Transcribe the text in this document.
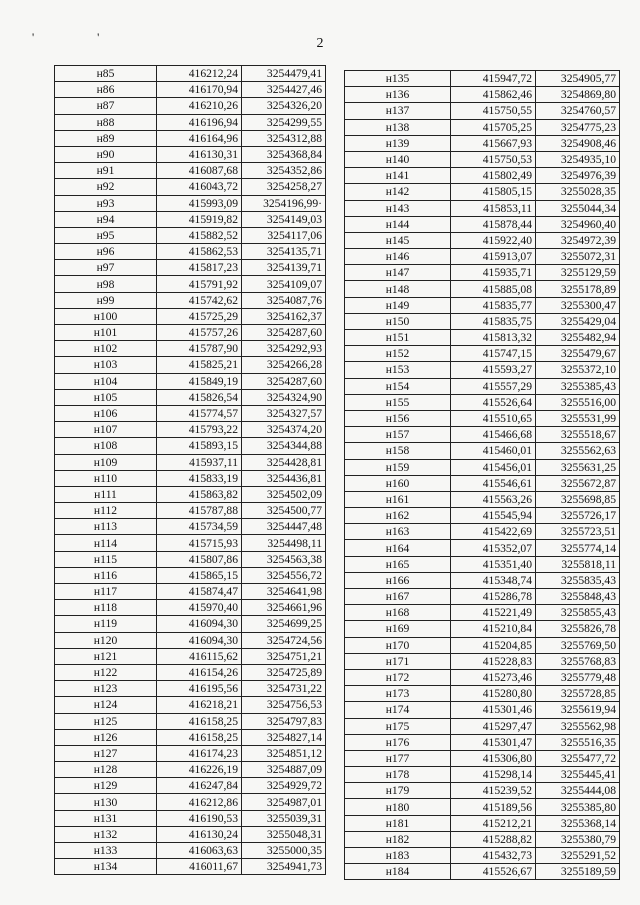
' '	2
н85	416212,24	3254479,41
н86	416170,94	3254427,46
н87	416210,26	3254326,20
н88	416196,94	3254299,55
н89	416164,96	3254312,88
н90	416130,31	3254368,84
н91	416087,68	3254352,86
н92	416043,72	3254258,27
н93	415993,09	3254196,99·
н94	415919,82	3254149,03
н95	415882,52	3254117,06
н96	415862,53	3254135,71
н97	415817,23	3254139,71
н98	415791,92	3254109,07
н99	415742,62	3254087,76
н100	415725,29	3254162,37
н101	415757,26	3254287,60
н102	415787,90	3254292,93
н103	415825,21	3254266,28
н104	415849,19	3254287,60
н105	415826,54	3254324,90
н106	415774,57	3254327,57
н107	415793,22	3254374,20
н108	415893,15	3254344,88
н109	415937,11	3254428,81
н110	415833,19	3254436,81
н111	415863,82	3254502,09
н112	415787,88	3254500,77
н113	415734,59	3254447,48
н114	415715,93	3254498,11
н115	415807,86	3254563,38
н116	415865,15	3254556,72
н117	415874,47	3254641,98
н118	415970,40	3254661,96
н119	416094,30	3254699,25
н120	416094,30	3254724,56
н121	416115,62	3254751,21
н122	416154,26	3254725,89
н123	416195,56	3254731,22
н124	416218,21	3254756,53
н125	416158,25	3254797,83
н126	416158,25	3254827,14
н127	416174,23	3254851,12
н128	416226,19	3254887,09
н129	416247,84	3254929,72
н130	416212,86	3254987,01
н131	416190,53	3255039,31
н132	416130,24	3255048,31
н133	416063,63	3255000,35
н134	416011,67	3254941,73
н135	415947,72	3254905,77
н136	415862,46	3254869,80
н137	415750,55	3254760,57
н138	415705,25	3254775,23
н139	415667,93	3254908,46
н140	415750,53	3254935,10
н141	415802,49	3254976,39
н142	415805,15	3255028,35
н143	415853,11	3255044,34
н144	415878,44	3254960,40
н145	415922,40	3254972,39
н146	415913,07	3255072,31
н147	415935,71	3255129,59
н148	415885,08	3255178,89
н149	415835,77	3255300,47
н150	415835,75	3255429,04
н151	415813,32	3255482,94
н152	415747,15	3255479,67
н153	415593,27	3255372,10
н154	415557,29	3255385,43
н155	415526,64	3255516,00
н156	415510,65	3255531,99
н157	415466,68	3255518,67
н158	415460,01	3255562,63
н159	415456,01	3255631,25
н160	415546,61	3255672,87
н161	415563,26	3255698,85
н162	415545,94	3255726,17
н163	415422,69	3255723,51
н164	415352,07	3255774,14
н165	415351,40	3255818,11
н166	415348,74	3255835,43
н167	415286,78	3255848,43
н168	415221,49	3255855,43
н169	415210,84	3255826,78
н170	415204,85	3255769,50
н171	415228,83	3255768,83
н172	415273,46	3255779,48
н173	415280,80	3255728,85
н174	415301,46	3255619,94
н175	415297,47	3255562,98
н176	415301,47	3255516,35
н177	415306,80	3255477,72
н178	415298,14	3255445,41
н179	415239,52	3255444,08
н180	415189,56	3255385,80
н181	415212,21	3255368,14
н182	415288,82	3255380,79
н183	415432,73	3255291,52
н184	415526,67	3255189,59
